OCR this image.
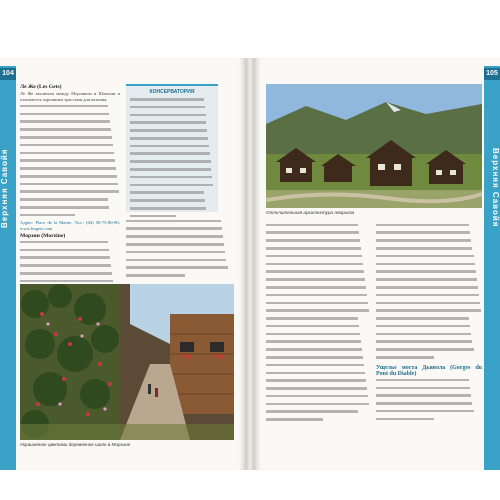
104
Верхняя Савойя
Ле Же (Les Gets)

Ле Же заключен между Морзином и Шамони и отличается хорошими трассами для катания.

Адрес: Place de la Mairie. Тел.: (04) 50-75-80-80; www.lesgets.com

Морзин (Morzine)
КОНСЕРВАТОРИЯ
Украшенное цветами деревянное шале в Морзине
105
Верхняя Савойя
Отличительная архитектура Аворьяза
Ущелье моста Дьявола (Gorges du Pont du Diable)
